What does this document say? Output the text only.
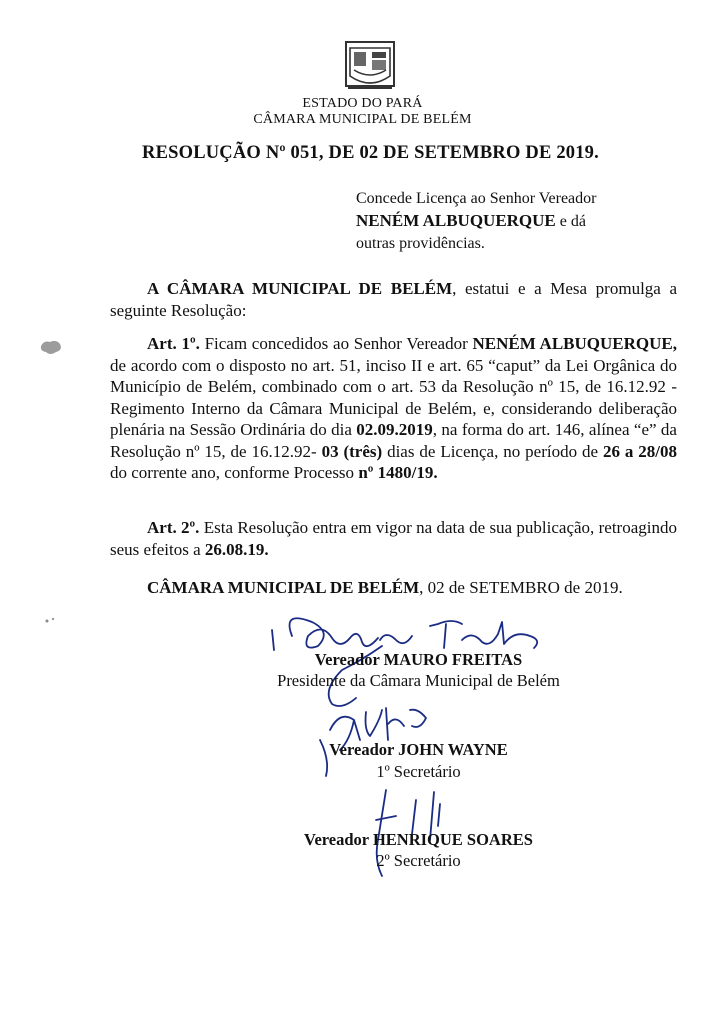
ESTADO DO PARÁ
CÂMARA MUNICIPAL DE BELÉM
RESOLUÇÃO Nº 051, DE 02 DE SETEMBRO DE 2019.
Concede Licença ao Senhor Vereador
NENÉM ALBUQUERQUE e dá
outras providências.
A CÂMARA MUNICIPAL DE BELÉM, estatui e a Mesa promulga a seguinte Resolução:
Art. 1º. Ficam concedidos ao Senhor Vereador NENÉM ALBUQUERQUE, de acordo com o disposto no art. 51, inciso II e art. 65 “caput” da Lei Orgânica do Município de Belém, combinado com o art. 53 da Resolução nº 15, de 16.12.92 - Regimento Interno da Câmara Municipal de Belém, e, considerando deliberação plenária na Sessão Ordinária do dia 02.09.2019, na forma do art. 146, alínea “e” da Resolução nº 15, de 16.12.92- 03 (três) dias de Licença, no período de 26 a 28/08 do corrente ano, conforme Processo nº 1480/19.
Art. 2º. Esta Resolução entra em vigor na data de sua publicação, retroagindo seus efeitos a 26.08.19.
CÂMARA MUNICIPAL DE BELÉM, 02 de SETEMBRO de 2019.
Vereador MAURO FREITAS
Presidente da Câmara Municipal de Belém
Vereador JOHN WAYNE
1º Secretário
Vereador HENRIQUE SOARES
2º Secretário
